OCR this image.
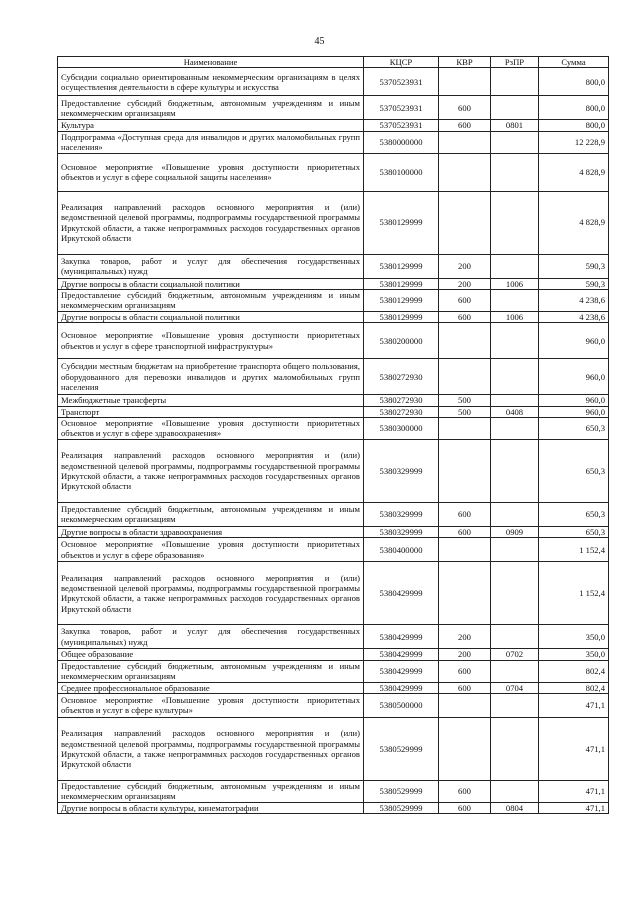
45
Наименование	КЦСР	КВР	РзПР	Сумма
Субсидии социально ориентированным некоммерческим организациям в целях осуществления деятельности в сфере культуры и искусства	5370523931			800,0
Предоставление субсидий бюджетным, автономным учреждениям и иным некоммерческим организациям	5370523931	600		800,0
Культура	5370523931	600	0801	800,0
Подпрограмма «Доступная среда для инвалидов и других маломобильных групп населения»	5380000000			12 228,9
Основное мероприятие «Повышение уровня доступности приоритетных объектов и услуг в сфере социальной защиты населения»	5380100000			4 828,9
Реализация направлений расходов основного мероприятия и (или) ведомственной целевой программы, подпрограммы государственной программы Иркутской области, а также непрограммных расходов государственных органов Иркутской области	5380129999			4 828,9
Закупка товаров, работ и услуг для обеспечения государственных (муниципальных) нужд	5380129999	200		590,3
Другие вопросы в области социальной политики	5380129999	200	1006	590,3
Предоставление субсидий бюджетным, автономным учреждениям и иным некоммерческим организациям	5380129999	600		4 238,6
Другие вопросы в области социальной политики	5380129999	600	1006	4 238,6
Основное мероприятие «Повышение уровня доступности приоритетных объектов и услуг в сфере транспортной инфраструктуры»	5380200000			960,0
Субсидии местным бюджетам на приобретение транспорта общего пользования, оборудованного для перевозки инвалидов и других маломобильных групп населения	5380272930			960,0
Межбюджетные трансферты	5380272930	500		960,0
Транспорт	5380272930	500	0408	960,0
Основное мероприятие «Повышение уровня доступности приоритетных объектов и услуг в сфере здравоохранения»	5380300000			650,3
Реализация направлений расходов основного мероприятия и (или) ведомственной целевой программы, подпрограммы государственной программы Иркутской области, а также непрограммных расходов государственных органов Иркутской области	5380329999			650,3
Предоставление субсидий бюджетным, автономным учреждениям и иным некоммерческим организациям	5380329999	600		650,3
Другие вопросы в области здравоохранения	5380329999	600	0909	650,3
Основное мероприятие «Повышение уровня доступности приоритетных объектов и услуг в сфере образования»	5380400000			1 152,4
Реализация направлений расходов основного мероприятия и (или) ведомственной целевой программы, подпрограммы государственной программы Иркутской области, а также непрограммных расходов государственных органов Иркутской области	5380429999			1 152,4
Закупка товаров, работ и услуг для обеспечения государственных (муниципальных) нужд	5380429999	200		350,0
Общее образование	5380429999	200	0702	350,0
Предоставление субсидий бюджетным, автономным учреждениям и иным некоммерческим организациям	5380429999	600		802,4
Среднее профессиональное образование	5380429999	600	0704	802,4
Основное мероприятие «Повышение уровня доступности приоритетных объектов и услуг в сфере культуры»	5380500000			471,1
Реализация направлений расходов основного мероприятия и (или) ведомственной целевой программы, подпрограммы государственной программы Иркутской области, а также непрограммных расходов государственных органов Иркутской области	5380529999			471,1
Предоставление субсидий бюджетным, автономным учреждениям и иным некоммерческим организациям	5380529999	600		471,1
Другие вопросы в области культуры, кинематографии	5380529999	600	0804	471,1
